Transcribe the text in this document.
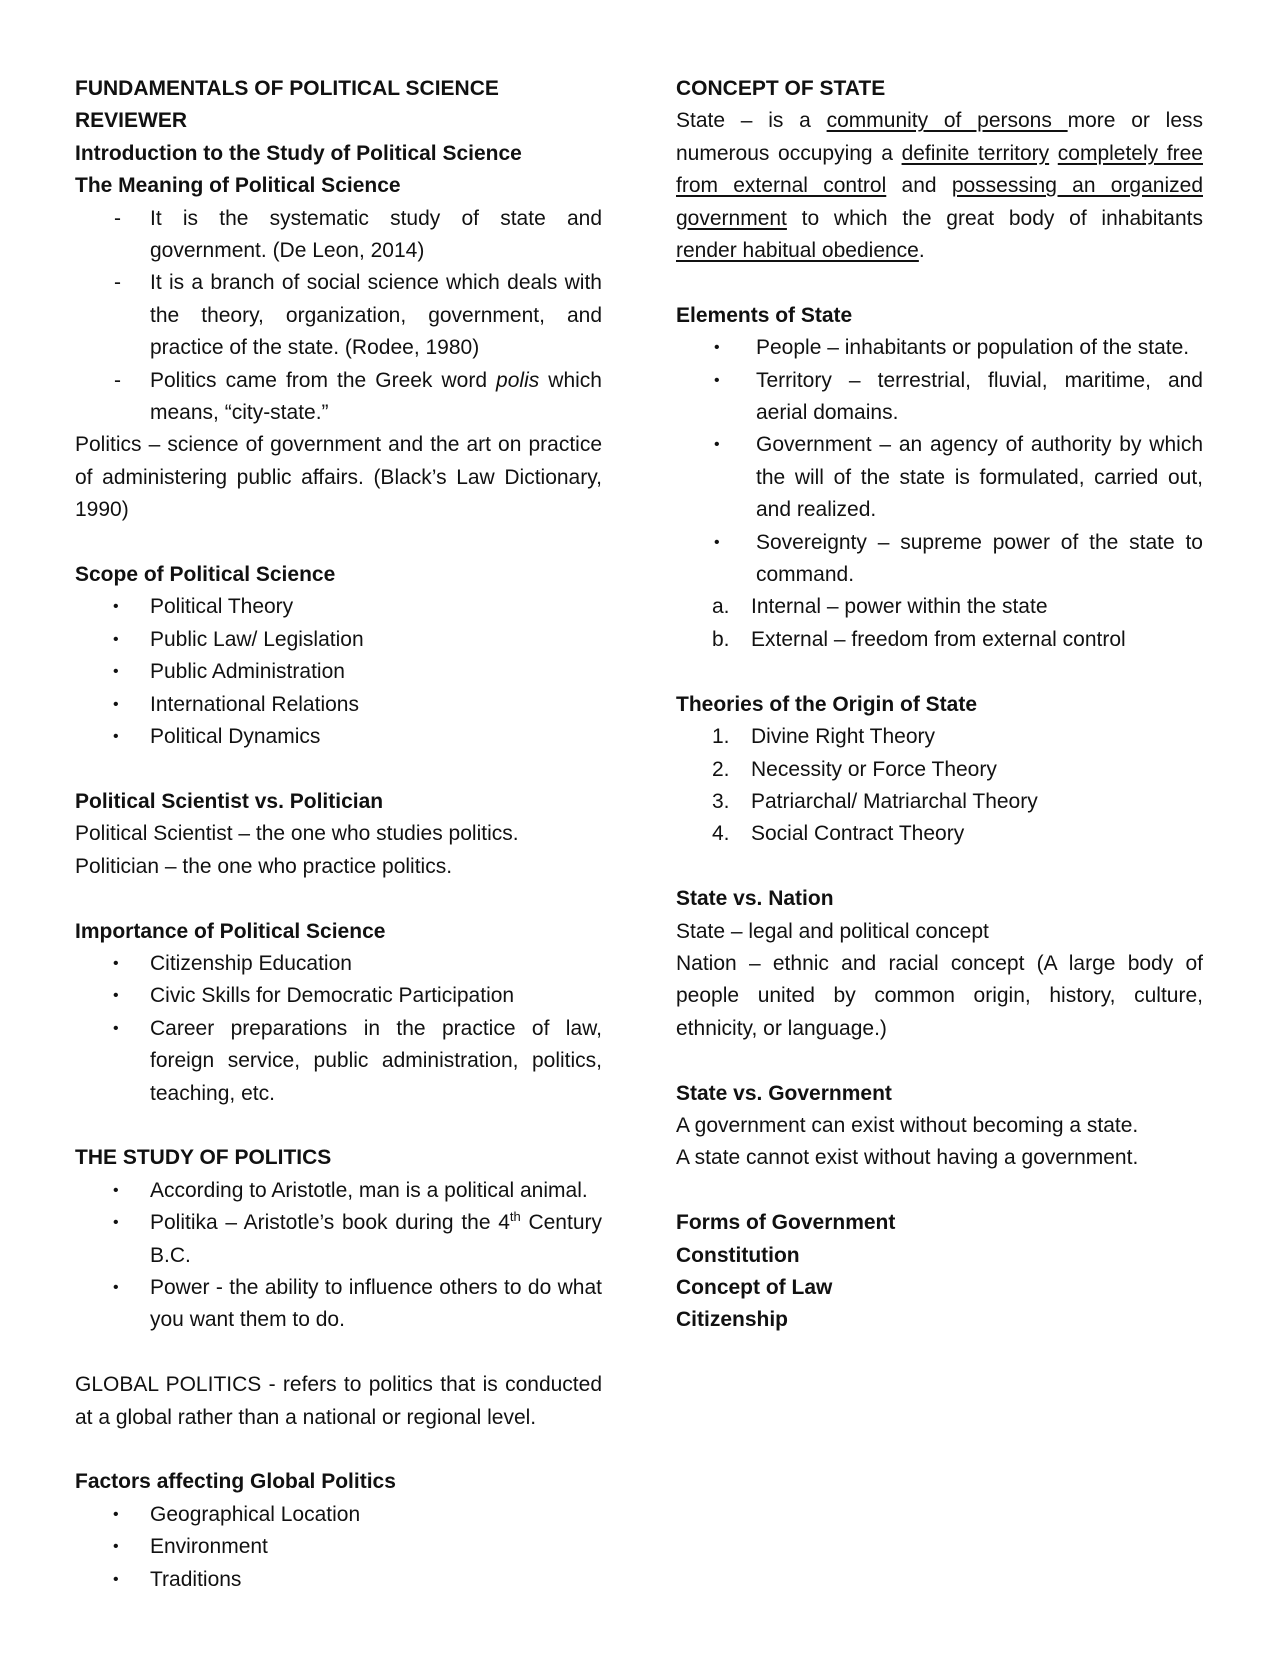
FUNDAMENTALS OF POLITICAL SCIENCE REVIEWER

Introduction to the Study of Political Science

The Meaning of Political Science

-	It is the systematic study of state and government. (De Leon, 2014)
-	It is a branch of social science which deals with the theory, organization, government, and practice of the state. (Rodee, 1980)
-	Politics came from the Greek word polis which means, “city-state.”

Politics – science of government and the art on practice of administering public affairs. (Black’s Law Dictionary, 1990)

Scope of Political Science

•	Political Theory
•	Public Law/ Legislation
•	Public Administration
•	International Relations
•	Political Dynamics

Political Scientist vs. Politician

Political Scientist – the one who studies politics.

Politician – the one who practice politics.

Importance of Political Science

•	Citizenship Education
•	Civic Skills for Democratic Participation
•	Career preparations in the practice of law, foreign service, public administration, politics, teaching, etc.

THE STUDY OF POLITICS

•	According to Aristotle, man is a political animal.
•	Politika – Aristotle’s book during the 4th Century B.C.
•	Power - the ability to influence others to do what you want them to do.

GLOBAL POLITICS - refers to politics that is conducted at a global rather than a national or regional level.

Factors affecting Global Politics

•	Geographical Location
•	Environment
•	Traditions

CONCEPT OF STATE

State – is a community of persons more or less numerous occupying a definite territory completely free from external control and possessing an organized government to which the great body of inhabitants render habitual obedience.

Elements of State

•	People – inhabitants or population of the state.
•	Territory – terrestrial, fluvial, maritime, and aerial domains.
•	Government – an agency of authority by which the will of the state is formulated, carried out, and realized.
•	Sovereignty – supreme power of the state to command.
a.	Internal – power within the state
b.	External – freedom from external control

Theories of the Origin of State

1.	Divine Right Theory
2.	Necessity or Force Theory
3.	Patriarchal/ Matriarchal Theory
4.	Social Contract Theory

State vs. Nation

State – legal and political concept

Nation – ethnic and racial concept (A large body of people united by common origin, history, culture, ethnicity, or language.)

State vs. Government

A government can exist without becoming a state.

A state cannot exist without having a government.

Forms of Government

Constitution

Concept of Law

Citizenship
